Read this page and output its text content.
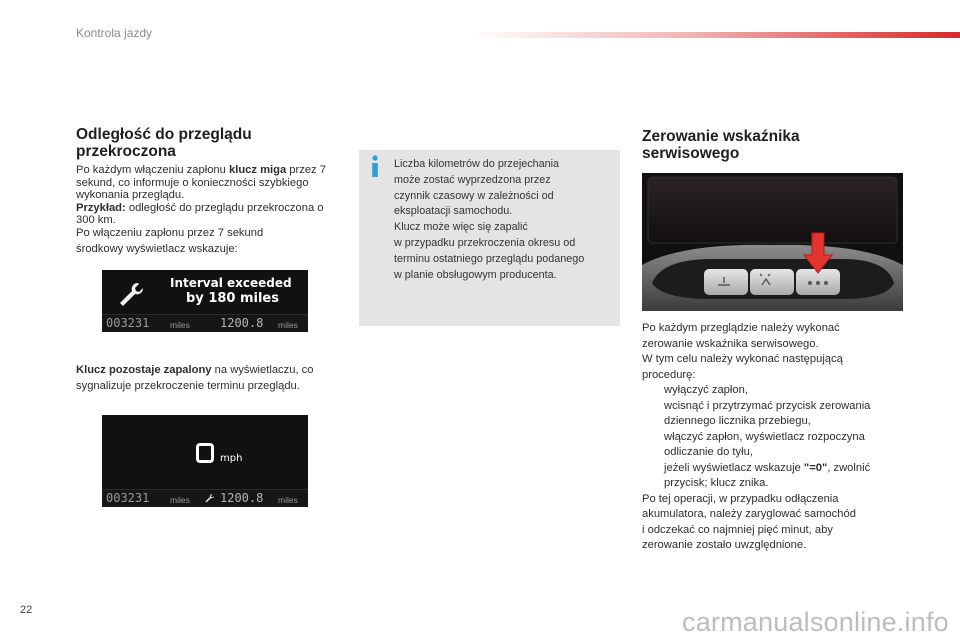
Kontrola jazdy
Odległość do przeglądu przekroczona
Po każdym włączeniu zapłonu klucz miga przez 7 sekund, co informuje o konieczności szybkiego wykonania przeglądu.
Przykład: odległość do przeglądu przekroczona o 300 km.
Po włączeniu zapłonu przez 7 sekund
środkowy wyświetlacz wskazuje:
Interval exceeded
by 180 miles
003231 miles	1200.8 miles
Klucz pozostaje zapalony na wyświetlaczu, co sygnalizuje przekroczenie terminu przeglądu.
mph
003231 miles	1200.8 miles
Liczba kilometrów do przejechania
może zostać wyprzedzona przez
czynnik czasowy w zależności od
eksploatacji samochodu.
Klucz może więc się zapalić
w przypadku przekroczenia okresu od
terminu ostatniego przeglądu podanego
w planie obsługowym producenta.
Zerowanie wskaźnika serwisowego
Po każdym przeglądzie należy wykonać
zerowanie wskaźnika serwisowego.
W tym celu należy wykonać następującą
procedurę:
wyłączyć zapłon,
wcisnąć i przytrzymać przycisk zerowania dziennego licznika przebiegu,
włączyć zapłon, wyświetlacz rozpoczyna odliczanie do tyłu,
jeżeli wyświetlacz wskazuje "=0", zwolnić przycisk; klucz znika.
Po tej operacji, w przypadku odłączenia
akumulatora, należy zaryglować samochód
i odczekać co najmniej pięć minut, aby
zerowanie zostało uwzględnione.
22	carmanualsonline.info
